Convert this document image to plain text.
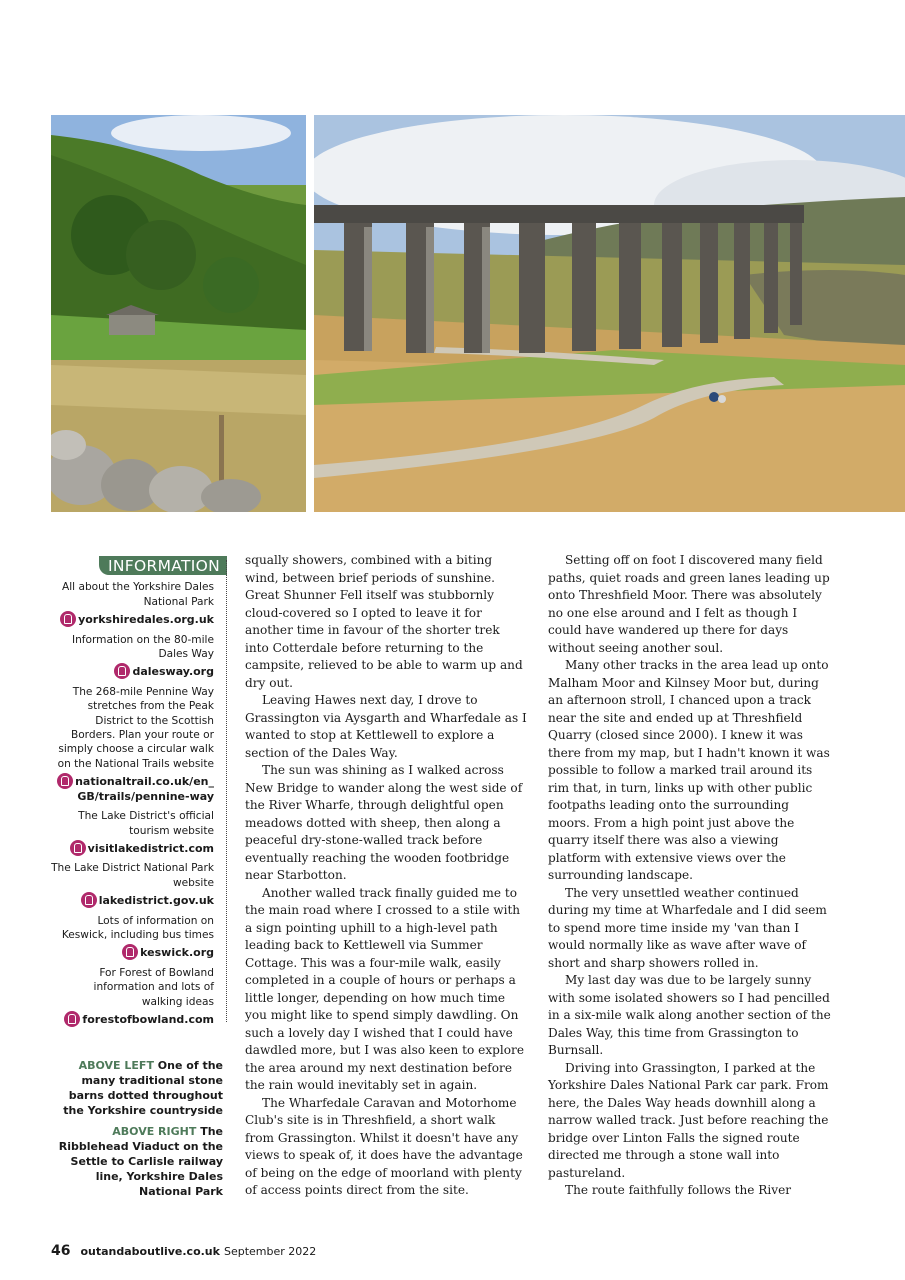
INFORMATION
All about the Yorkshire Dales National Park
yorkshiredales.org.uk
Information on the 80-mile Dales Way
dalesway.org
The 268-mile Pennine Way stretches from the Peak District to the Scottish Borders. Plan your route or simply choose a circular walk on the National Trails website
nationaltrail.co.uk/en_ GB/trails/pennine-way
The Lake District's official tourism website
visitlakedistrict.com
The Lake District National Park website
lakedistrict.gov.uk
Lots of information on Keswick, including bus times
keswick.org
For Forest of Bowland information and lots of walking ideas
forestofbowland.com

ABOVE LEFT One of the many traditional stone barns dotted throughout the Yorkshire countryside

ABOVE RIGHT The Ribblehead Viaduct on the Settle to Carlisle railway line, Yorkshire Dales National Park

squally showers, combined with a biting wind, between brief periods of sunshine. Great Shunner Fell itself was stubbornly cloud-covered so I opted to leave it for another time in favour of the shorter trek into Cotterdale before returning to the campsite, relieved to be able to warm up and dry out.

Leaving Hawes next day, I drove to Grassington via Aysgarth and Wharfedale as I wanted to stop at Kettlewell to explore a section of the Dales Way.

The sun was shining as I walked across New Bridge to wander along the west side of the River Wharfe, through delightful open meadows dotted with sheep, then along a peaceful dry-stone-walled track before eventually reaching the wooden footbridge near Starbotton.

Another walled track finally guided me to the main road where I crossed to a stile with a sign pointing uphill to a high-level path leading back to Kettlewell via Summer Cottage. This was a four-mile walk, easily completed in a couple of hours or perhaps a little longer, depending on how much time you might like to spend simply dawdling. On such a lovely day I wished that I could have dawdled more, but I was also keen to explore the area around my next destination before the rain would inevitably set in again.

The Wharfedale Caravan and Motorhome Club's site is in Threshfield, a short walk from Grassington. Whilst it doesn't have any views to speak of, it does have the advantage of being on the edge of moorland with plenty of access points direct from the site.

Setting off on foot I discovered many field paths, quiet roads and green lanes leading up onto Threshfield Moor. There was absolutely no one else around and I felt as though I could have wandered up there for days without seeing another soul.

Many other tracks in the area lead up onto Malham Moor and Kilnsey Moor but, during an afternoon stroll, I chanced upon a track near the site and ended up at Threshfield Quarry (closed since 2000). I knew it was there from my map, but I hadn't known it was possible to follow a marked trail around its rim that, in turn, links up with other public footpaths leading onto the surrounding moors. From a high point just above the quarry itself there was also a viewing platform with extensive views over the surrounding landscape.

The very unsettled weather continued during my time at Wharfedale and I did seem to spend more time inside my 'van than I would normally like as wave after wave of short and sharp showers rolled in.

My last day was due to be largely sunny with some isolated showers so I had pencilled in a six-mile walk along another section of the Dales Way, this time from Grassington to Burnsall.

Driving into Grassington, I parked at the Yorkshire Dales National Park car park. From here, the Dales Way heads downhill along a narrow walled track. Just before reaching the bridge over Linton Falls the signed route directed me through a stone wall into pastureland.

The route faithfully follows the River

46 outandaboutlive.co.uk September 2022
